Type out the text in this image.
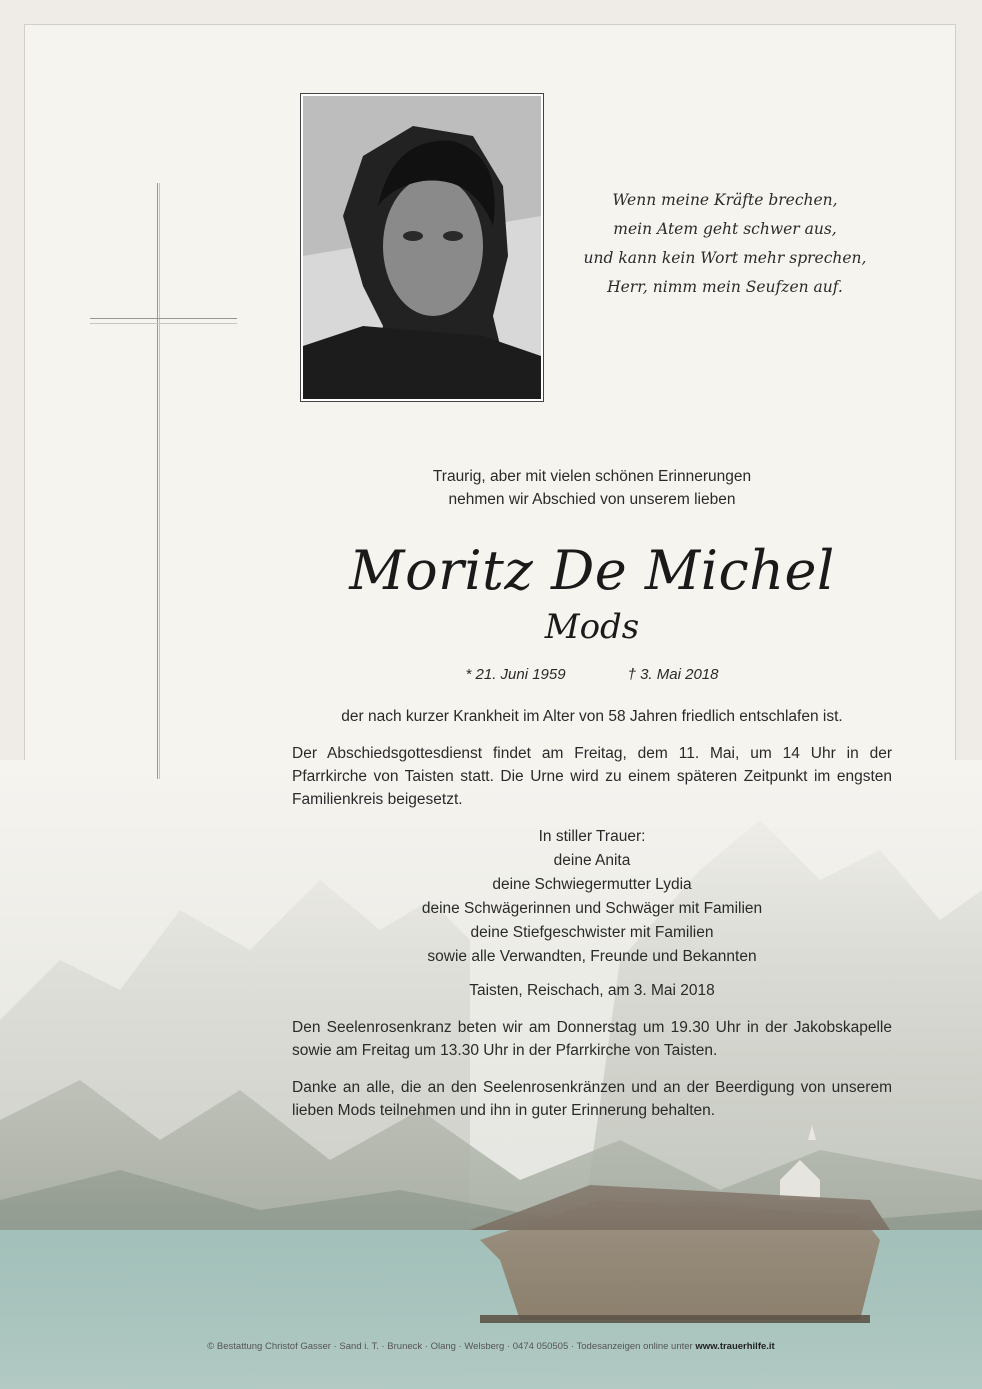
Wenn meine Kräfte brechen,
mein Atem geht schwer aus,
und kann kein Wort mehr sprechen,
Herr, nimm mein Seufzen auf.
Traurig, aber mit vielen schönen Erinnerungen
nehmen wir Abschied von unserem lieben
Moritz De Michel
Mods
* 21. Juni 1959	† 3. Mai 2018
der nach kurzer Krankheit im Alter von 58 Jahren friedlich entschlafen ist.
Der Abschiedsgottesdienst findet am Freitag, dem 11. Mai, um 14 Uhr in der Pfarrkirche von Taisten statt. Die Urne wird zu einem späteren Zeitpunkt im engsten Familienkreis beigesetzt.
In stiller Trauer:
deine Anita
deine Schwiegermutter Lydia
deine Schwägerinnen und Schwäger mit Familien
deine Stiefgeschwister mit Familien
sowie alle Verwandten, Freunde und Bekannten
Taisten, Reischach, am 3. Mai 2018
Den Seelenrosenkranz beten wir am Donnerstag um 19.30 Uhr in der Jakobskapelle sowie am Freitag um 13.30 Uhr in der Pfarrkirche von Taisten.
Danke an alle, die an den Seelenrosenkränzen und an der Beerdigung von unserem lieben Mods teilnehmen und ihn in guter Erinnerung behalten.
© Bestattung Christof Gasser · Sand i. T. · Bruneck · Olang · Welsberg · 0474 050505 · Todesanzeigen online unter www.trauerhilfe.it
